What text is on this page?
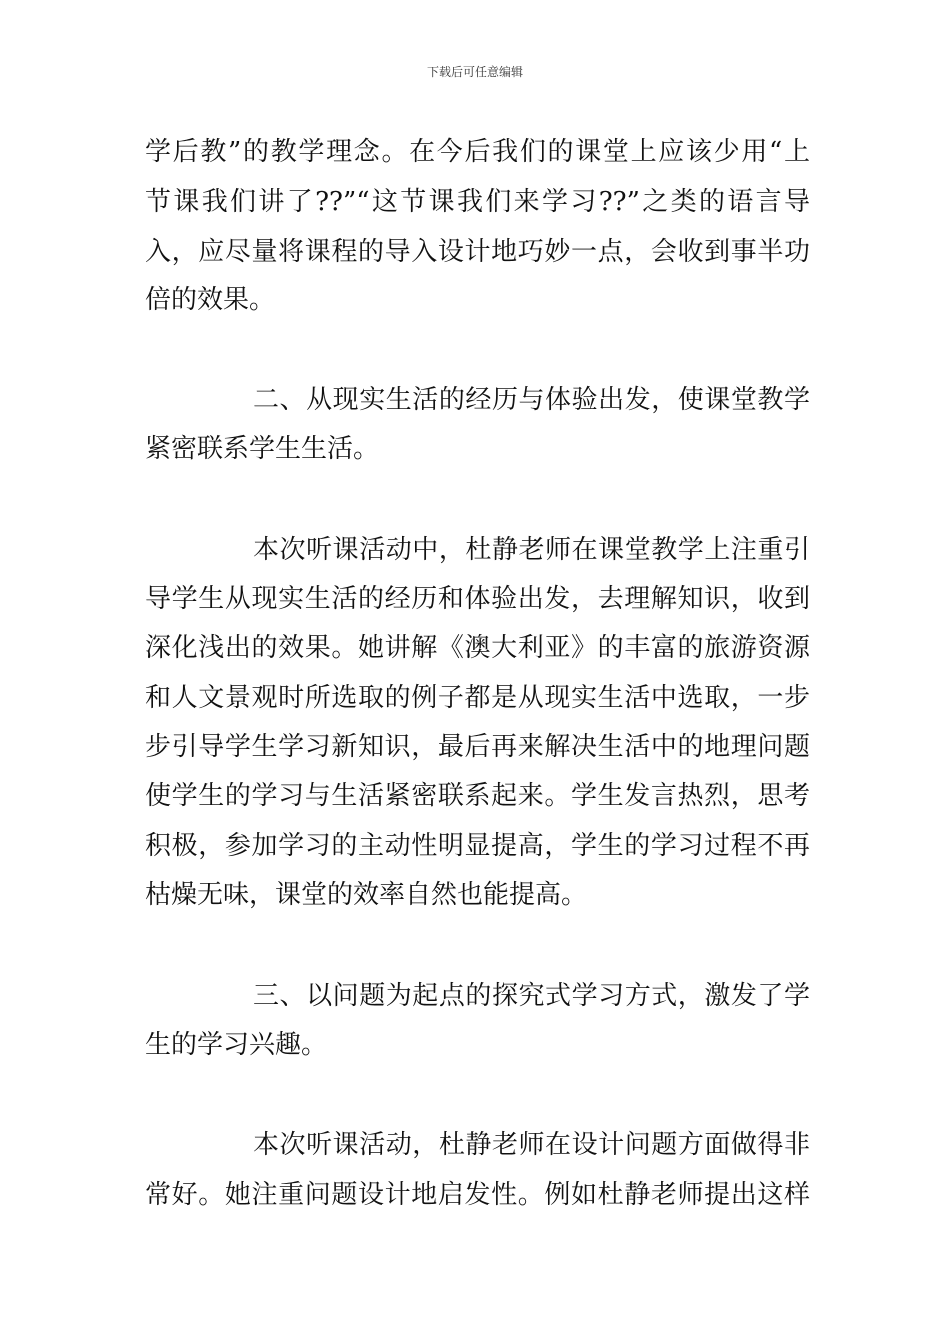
下载后可任意编辑
学后教”的教学理念。在今后我们的课堂上应该少用“上
节课我们讲了??”“这节课我们来学习??”之类的语言导
入，应尽量将课程的导入设计地巧妙一点，会收到事半功
倍的效果。
二、从现实生活的经历与体验出发，使课堂教学
紧密联系学生生活。
本次听课活动中，杜静老师在课堂教学上注重引
导学生从现实生活的经历和体验出发，去理解知识，收到
深化浅出的效果。她讲解《澳大利亚》的丰富的旅游资源
和人文景观时所选取的例子都是从现实生活中选取，一步
步引导学生学习新知识，最后再来解决生活中的地理问题
使学生的学习与生活紧密联系起来。学生发言热烈，思考
积极，参加学习的主动性明显提高，学生的学习过程不再
枯燥无味，课堂的效率自然也能提高。
三、以问题为起点的探究式学习方式，激发了学
生的学习兴趣。
本次听课活动，杜静老师在设计问题方面做得非
常好。她注重问题设计地启发性。例如杜静老师提出这样
